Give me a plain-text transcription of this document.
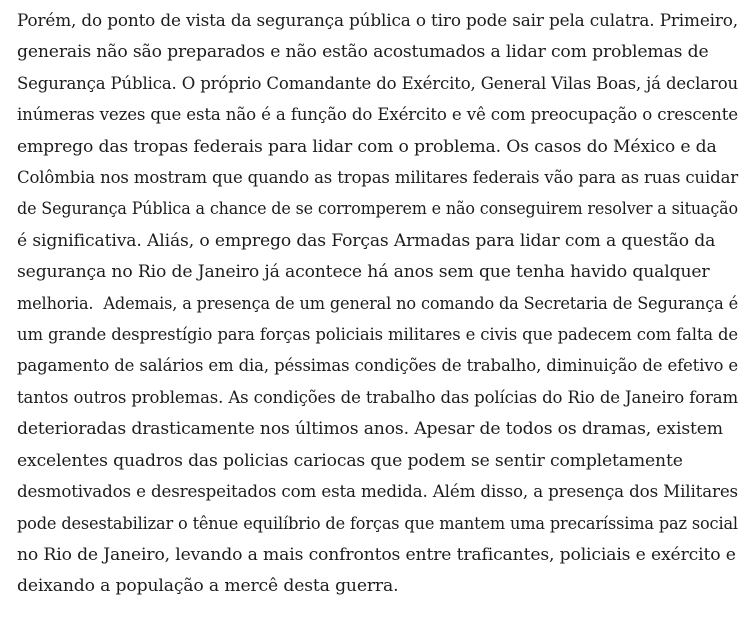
Porém, do ponto de vista da segurança pública o tiro pode sair pela culatra. Primeiro,
generais não são preparados e não estão acostumados a lidar com problemas de
Segurança Pública. O próprio Comandante do Exército, General Vilas Boas, já declarou
inúmeras vezes que esta não é a função do Exército e vê com preocupação o crescente
emprego das tropas federais para lidar com o problema. Os casos do México e da
Colômbia nos mostram que quando as tropas militares federais vão para as ruas cuidar
de Segurança Pública a chance de se corromperem e não conseguirem resolver a situação
é significativa. Aliás, o emprego das Forças Armadas para lidar com a questão da
segurança no Rio de Janeiro já acontece há anos sem que tenha havido qualquer
melhoria.  Ademais, a presença de um general no comando da Secretaria de Segurança é
um grande desprestígio para forças policiais militares e civis que padecem com falta de
pagamento de salários em dia, péssimas condições de trabalho, diminuição de efetivo e
tantos outros problemas. As condições de trabalho das polícias do Rio de Janeiro foram
deterioradas drasticamente nos últimos anos. Apesar de todos os dramas, existem
excelentes quadros das policias cariocas que podem se sentir completamente
desmotivados e desrespeitados com esta medida. Além disso, a presença dos Militares
pode desestabilizar o tênue equilíbrio de forças que mantem uma precaríssima paz social
no Rio de Janeiro, levando a mais confrontos entre traficantes, policiais e exército e
deixando a população a mercê desta guerra.
